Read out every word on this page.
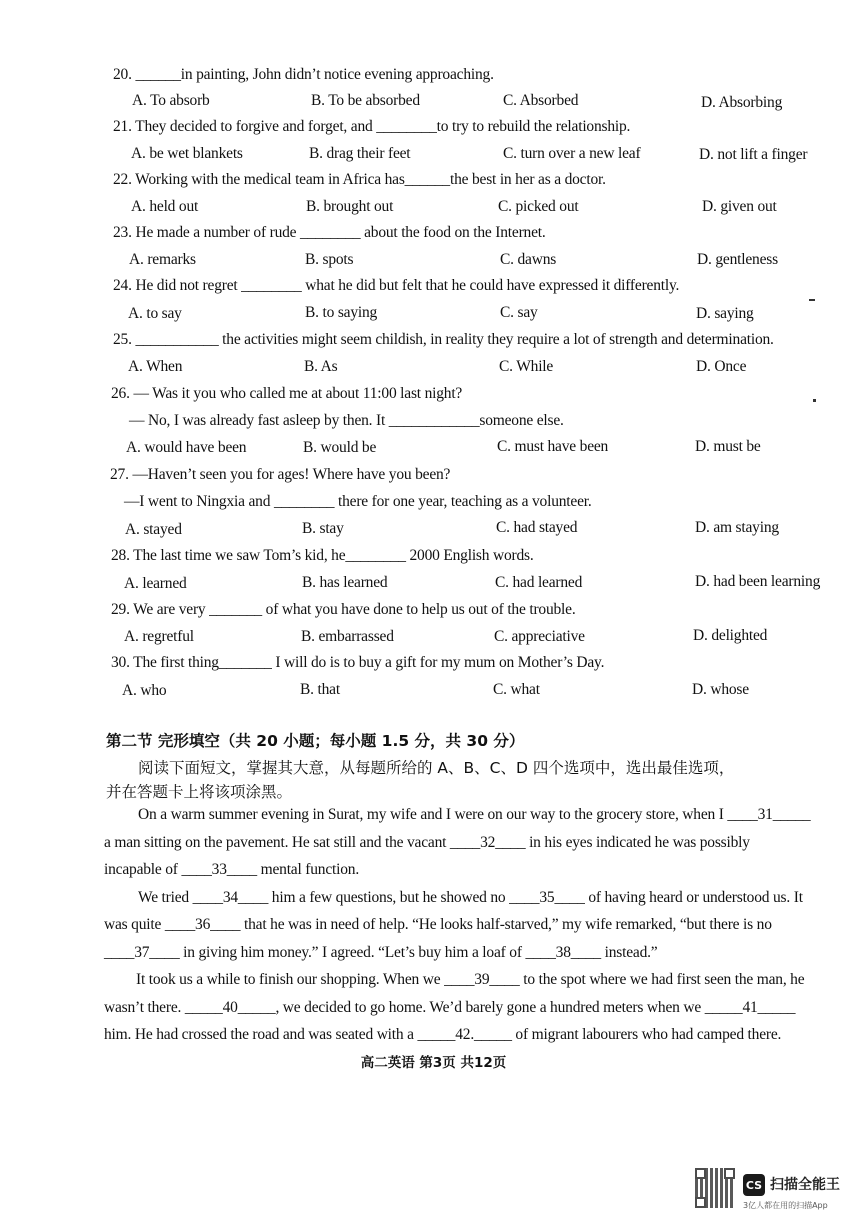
20. ______in painting, John didn’t notice evening approaching.
A. To absorb	B. To be absorbed	C. Absorbed	D. Absorbing
21. They decided to forgive and forget, and ________to try to rebuild the relationship.
A. be wet blankets	B. drag their feet	C. turn over a new leaf	D. not lift a finger
22. Working with the medical team in Africa has______the best in her as a doctor.
A. held out	B. brought out	C. picked out	D. given out
23. He made a number of rude ________ about the food on the Internet.
A. remarks	B. spots	C. dawns	D. gentleness
24. He did not regret ________ what he did but felt that he could have expressed it differently.
A. to say	B. to saying	C. say	D. saying
25. ___________ the activities might seem childish, in reality they require a lot of strength and determination.
A. When	B. As	C. While	D. Once
26. — Was it you who called me at about 11:00 last night?
— No, I was already fast asleep by then. It ____________someone else.
A. would have been	B. would be	C. must have been	D. must be
27. —Haven’t seen you for ages! Where have you been?
—I went to Ningxia and ________ there for one year, teaching as a volunteer.
A. stayed	B. stay	C. had stayed	D. am staying
28. The last time we saw Tom’s kid, he________ 2000 English words.
A. learned	B. has learned	C. had learned	D. had been learning
29. We are very _______ of what you have done to help us out of the trouble.
A. regretful	B. embarrassed	C. appreciative	D. delighted
30. The first thing_______ I will do is to buy a gift for my mum on Mother’s Day.
A. who	B. that	C. what	D. whose
第二节 完形填空（共 20 小题；每小题 1.5 分，共 30 分）
阅读下面短文，掌握其大意，从每题所给的 A、B、C、D 四个选项中，选出最佳选项，
并在答题卡上将该项涂黑。
On a warm summer evening in Surat, my wife and I were on our way to the grocery store, when I ____31_____
a man sitting on the pavement. He sat still and the vacant ____32____ in his eyes indicated he was possibly
incapable of ____33____ mental function.
We tried ____34____ him a few questions, but he showed no ____35____ of having heard or understood us. It
was quite ____36____ that he was in need of help. “He looks half-starved,” my wife remarked, “but there is no
____37____ in giving him money.” I agreed. “Let’s buy him a loaf of ____38____ instead.”
It took us a while to finish our shopping. When we ____39____ to the spot where we had first seen the man, he
wasn’t there. _____40_____, we decided to go home. We’d barely gone a hundred meters when we _____41_____
him. He had crossed the road and was seated with a _____42._____ of migrant labourers who had camped there.
高二英语 第3页 共12页
CS 扫描全能王
3亿人都在用的扫描App
